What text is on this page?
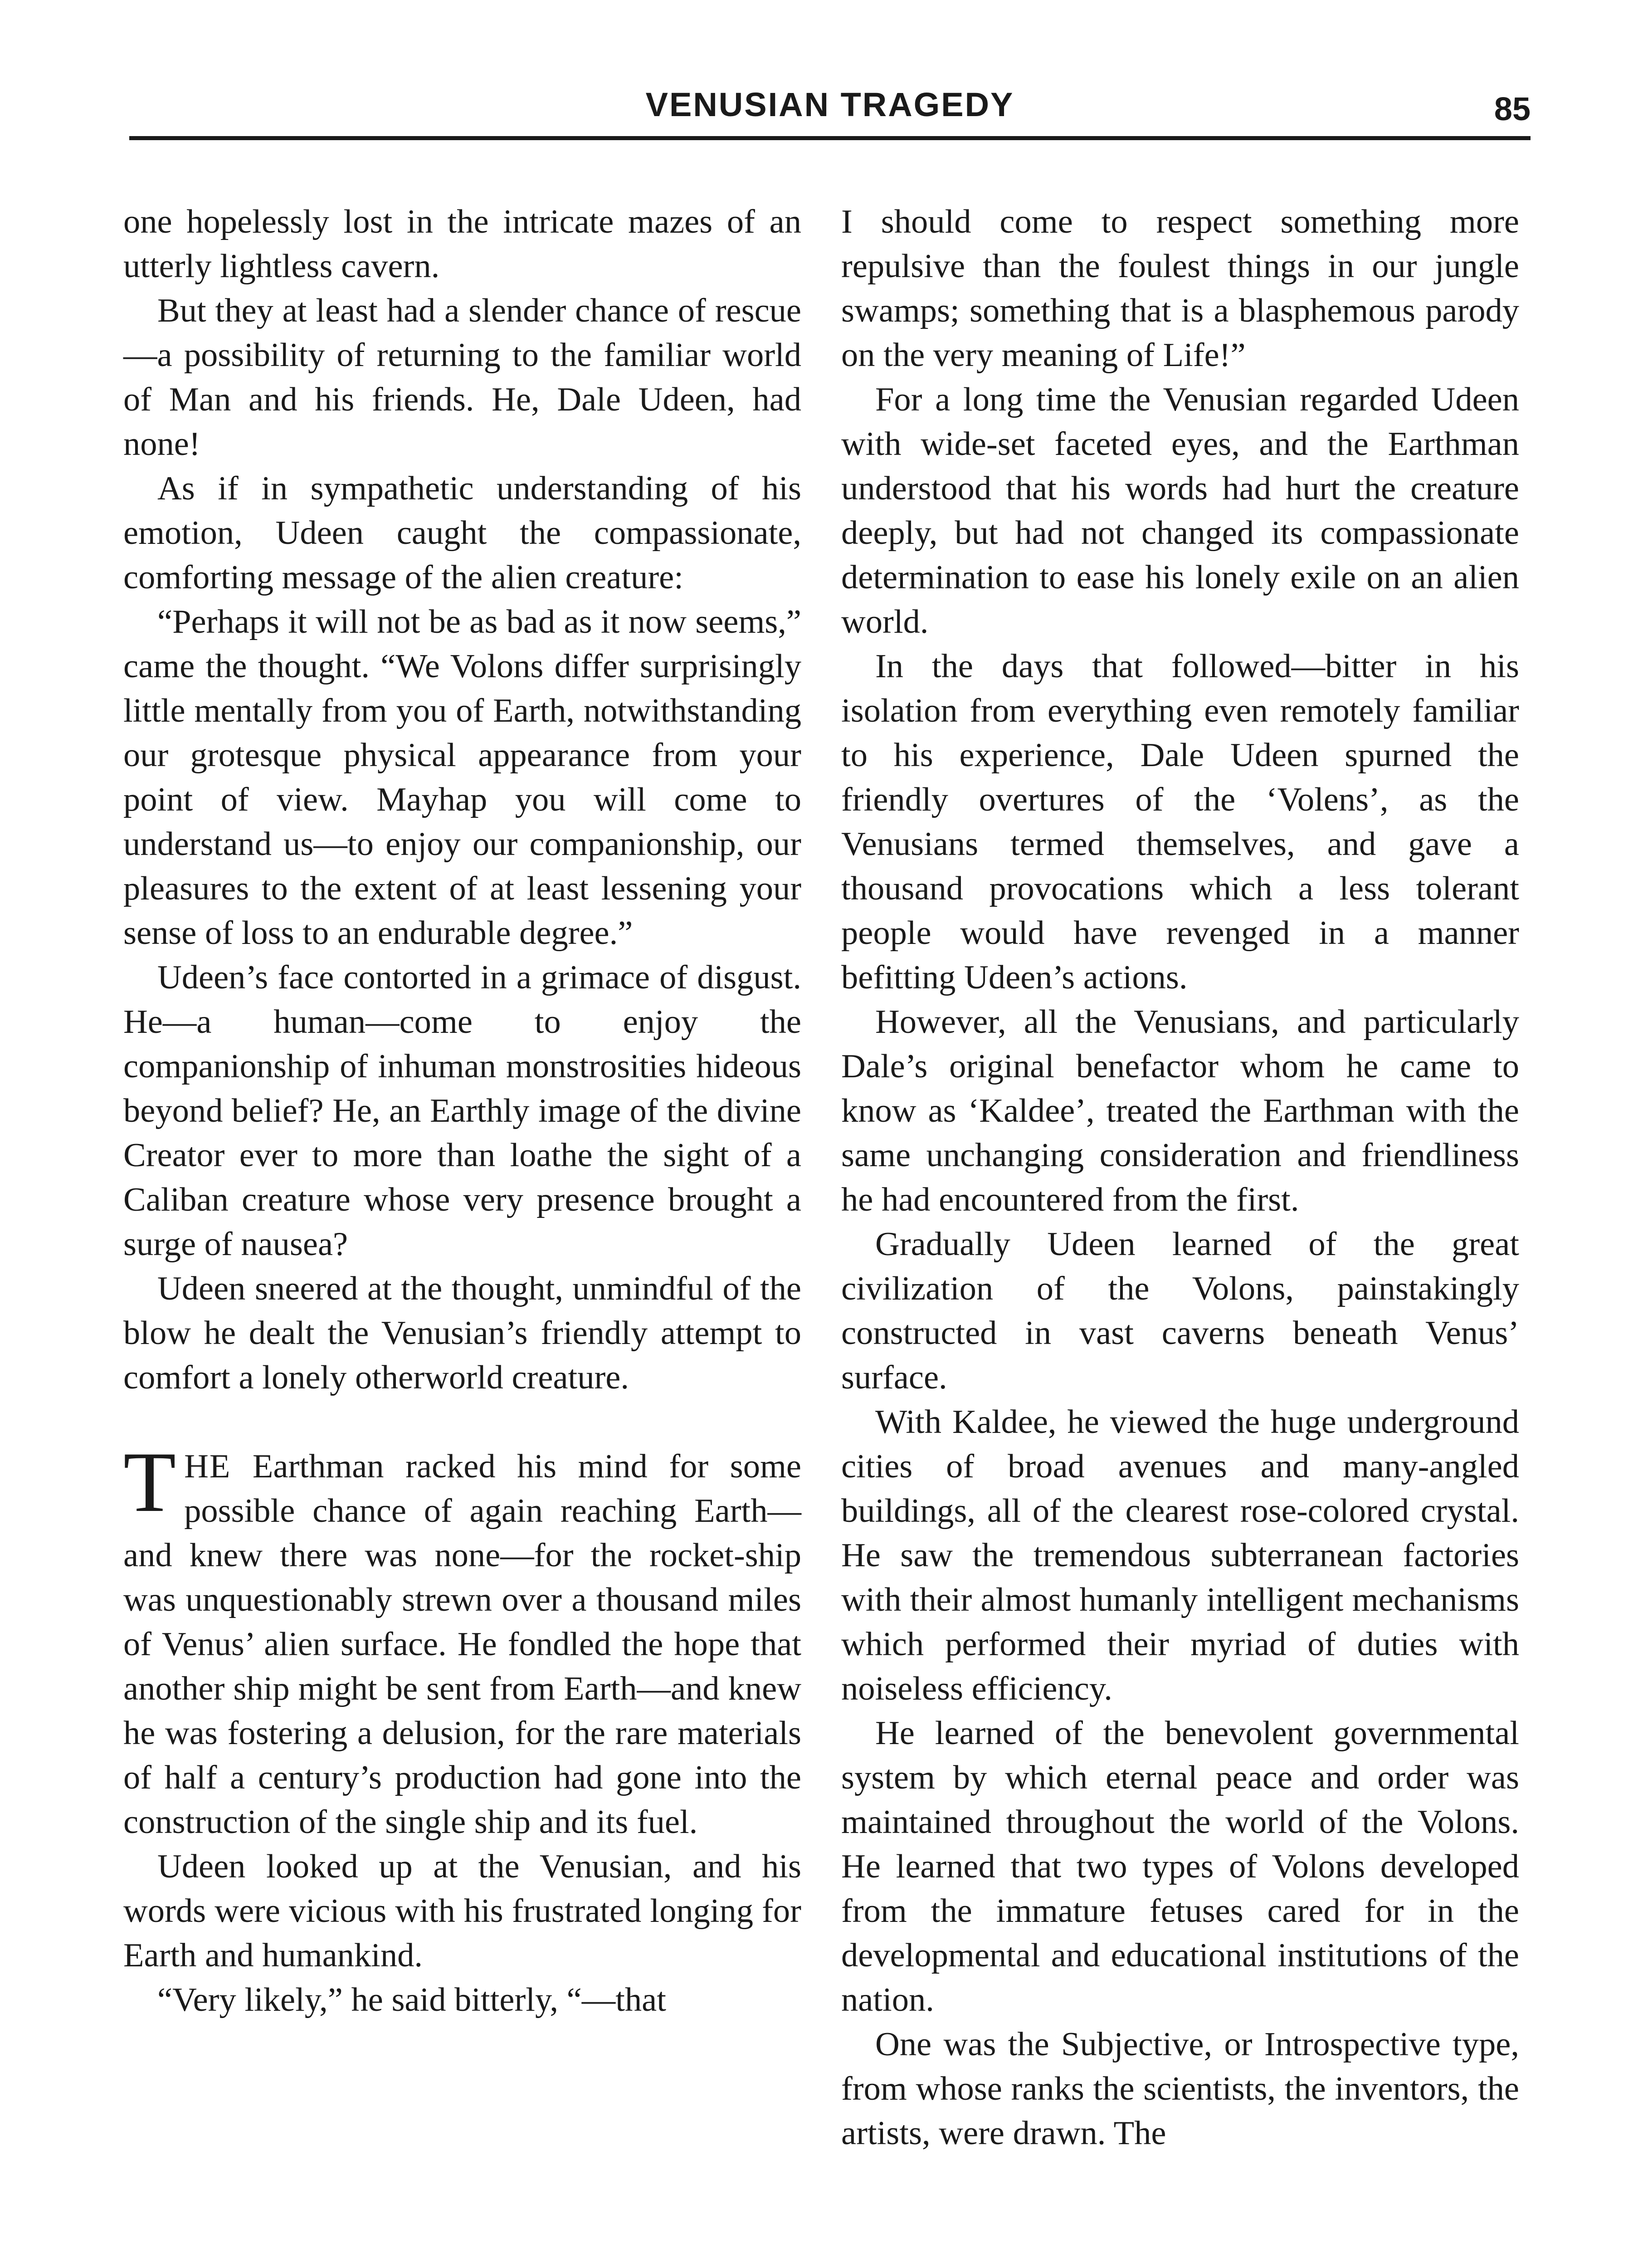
VENUSIAN TRAGEDY	85

one hopelessly lost in the intricate mazes of an utterly lightless cavern.

But they at least had a slender chance of rescue—a possibility of returning to the familiar world of Man and his friends. He, Dale Udeen, had none!

As if in sympathetic understanding of his emotion, Udeen caught the compassionate, comforting message of the alien creature:

“Perhaps it will not be as bad as it now seems,” came the thought. “We Volons differ surprisingly little mentally from you of Earth, notwithstanding our grotesque physical appearance from your point of view. Mayhap you will come to understand us—to enjoy our companionship, our pleasures to the extent of at least lessening your sense of loss to an endurable degree.”

Udeen’s face contorted in a grimace of disgust. He—a human—come to enjoy the companionship of inhuman monstrosities hideous beyond belief? He, an Earthly image of the divine Creator ever to more than loathe the sight of a Caliban creature whose very presence brought a surge of nausea?

Udeen sneered at the thought, unmindful of the blow he dealt the Venusian’s friendly attempt to comfort a lonely otherworld creature.

THE Earthman racked his mind for some possible chance of again reaching Earth—and knew there was none—for the rocket-ship was unquestionably strewn over a thousand miles of Venus’ alien surface. He fondled the hope that another ship might be sent from Earth—and knew he was fostering a delusion, for the rare materials of half a century’s production had gone into the construction of the single ship and its fuel.

Udeen looked up at the Venusian, and his words were vicious with his frustrated longing for Earth and humankind.

“Very likely,” he said bitterly, “—that

I should come to respect something more repulsive than the foulest things in our jungle swamps; something that is a blasphemous parody on the very meaning of Life!”

For a long time the Venusian regarded Udeen with wide-set faceted eyes, and the Earthman understood that his words had hurt the creature deeply, but had not changed its compassionate determination to ease his lonely exile on an alien world.

In the days that followed—bitter in his isolation from everything even remotely familiar to his experience, Dale Udeen spurned the friendly overtures of the ‘Volens’, as the Venusians termed themselves, and gave a thousand provocations which a less tolerant people would have revenged in a manner befitting Udeen’s actions.

However, all the Venusians, and particularly Dale’s original benefactor whom he came to know as ‘Kaldee’, treated the Earthman with the same unchanging consideration and friendliness he had encountered from the first.

Gradually Udeen learned of the great civilization of the Volons, painstakingly constructed in vast caverns beneath Venus’ surface.

With Kaldee, he viewed the huge underground cities of broad avenues and many-angled buildings, all of the clearest rose-colored crystal. He saw the tremendous subterranean factories with their almost humanly intelligent mechanisms which performed their myriad of duties with noiseless efficiency.

He learned of the benevolent governmental system by which eternal peace and order was maintained throughout the world of the Volons. He learned that two types of Volons developed from the immature fetuses cared for in the developmental and educational institutions of the nation.

One was the Subjective, or Introspective type, from whose ranks the scientists, the inventors, the artists, were drawn. The
